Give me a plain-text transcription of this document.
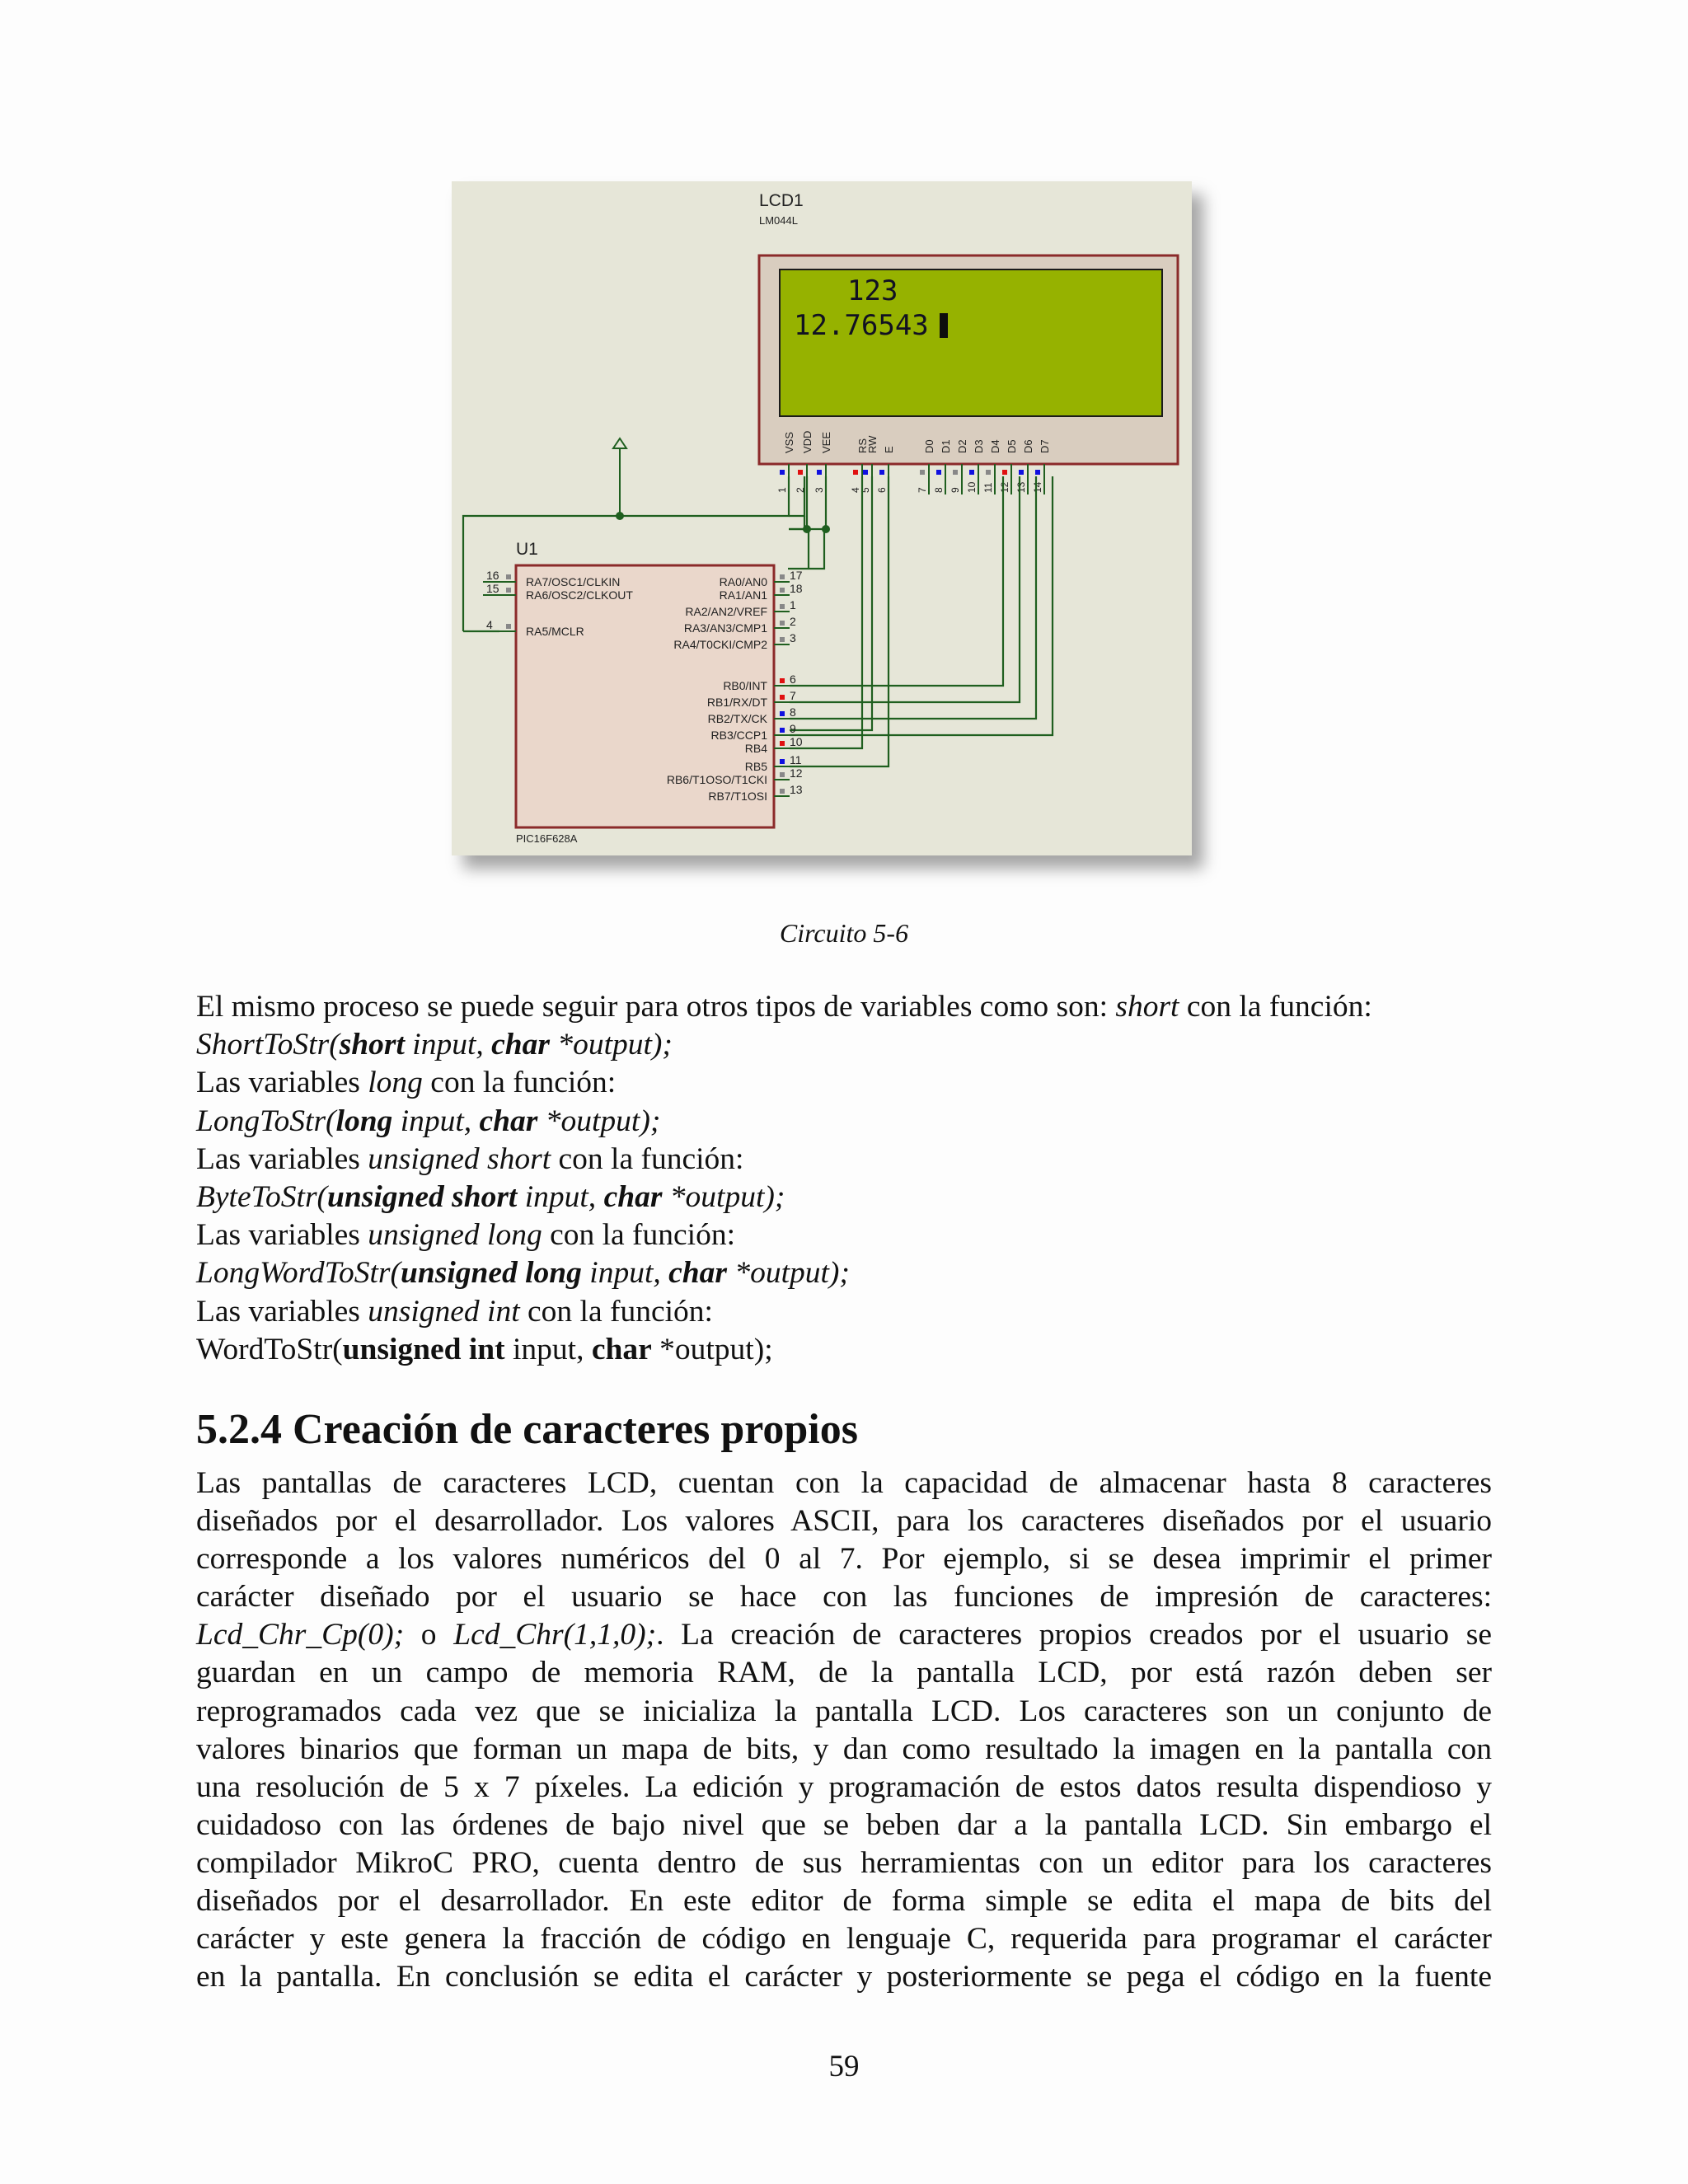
LCD1
LM044L
123
12.76543
VSS VDD VEE RS
RW E	D0 D1 D2 D3 D4 D5 D6 D7
1 2 3	4
5 6	7 8 9 10 11 12 13 14
U1
PIC16F628A
16 RA7/OSC1/CLKIN
15 RA6/OSC2/CLKOUT
4	RA5/MCLR
17
RA0/AN0 18
RA1/AN1
1
RA2/AN2/VREF
2
RA3/AN3/CMP1
3
RA4/T0CKI/CMP2
6
RB0/INT
7
RB1/RX/DT
8
RB2/TX/CK
9
RB3/CCP1 10
RB4
11
RB5 12
RB6/T1OSO/T1CKI
13
RB7/T1OSI
Circuito 5-6
El mismo proceso se puede seguir para otros tipos de variables como son: short con la función:
ShortToStr(short input, char *output);
Las variables long con la función:
LongToStr(long input, char *output);
Las variables unsigned short con la función:
ByteToStr(unsigned short input, char *output);
Las variables unsigned long con la función:
LongWordToStr(unsigned long input, char *output);
Las variables unsigned int con la función:
WordToStr(unsigned int input, char *output);
5.2.4 Creación de caracteres propios
Las pantallas de caracteres LCD, cuentan con la capacidad de almacenar hasta 8 caracteres
diseñados por el desarrollador. Los valores ASCII, para los caracteres diseñados por el usuario
corresponde a los valores numéricos del 0 al 7. Por ejemplo, si se desea imprimir el primer
carácter diseñado por el usuario se hace con las funciones de impresión de caracteres:
Lcd_Chr_Cp(0); o Lcd_Chr(1,1,0);. La creación de caracteres propios creados por el usuario se
guardan en un campo de memoria RAM, de la pantalla LCD, por está razón deben ser
reprogramados cada vez que se inicializa la pantalla LCD. Los caracteres son un conjunto de
valores binarios que forman un mapa de bits, y dan como resultado la imagen en la pantalla con
una resolución de 5 x 7 píxeles. La edición y programación de estos datos resulta dispendioso y
cuidadoso con las órdenes de bajo nivel que se beben dar a la pantalla LCD. Sin embargo el
compilador MikroC PRO, cuenta dentro de sus herramientas con un editor para los caracteres
diseñados por el desarrollador. En este editor de forma simple se edita el mapa de bits del
carácter y este genera la fracción de código en lenguaje C, requerida para programar el carácter
en la pantalla. En conclusión se edita el carácter y posteriormente se pega el código en la fuente
59
